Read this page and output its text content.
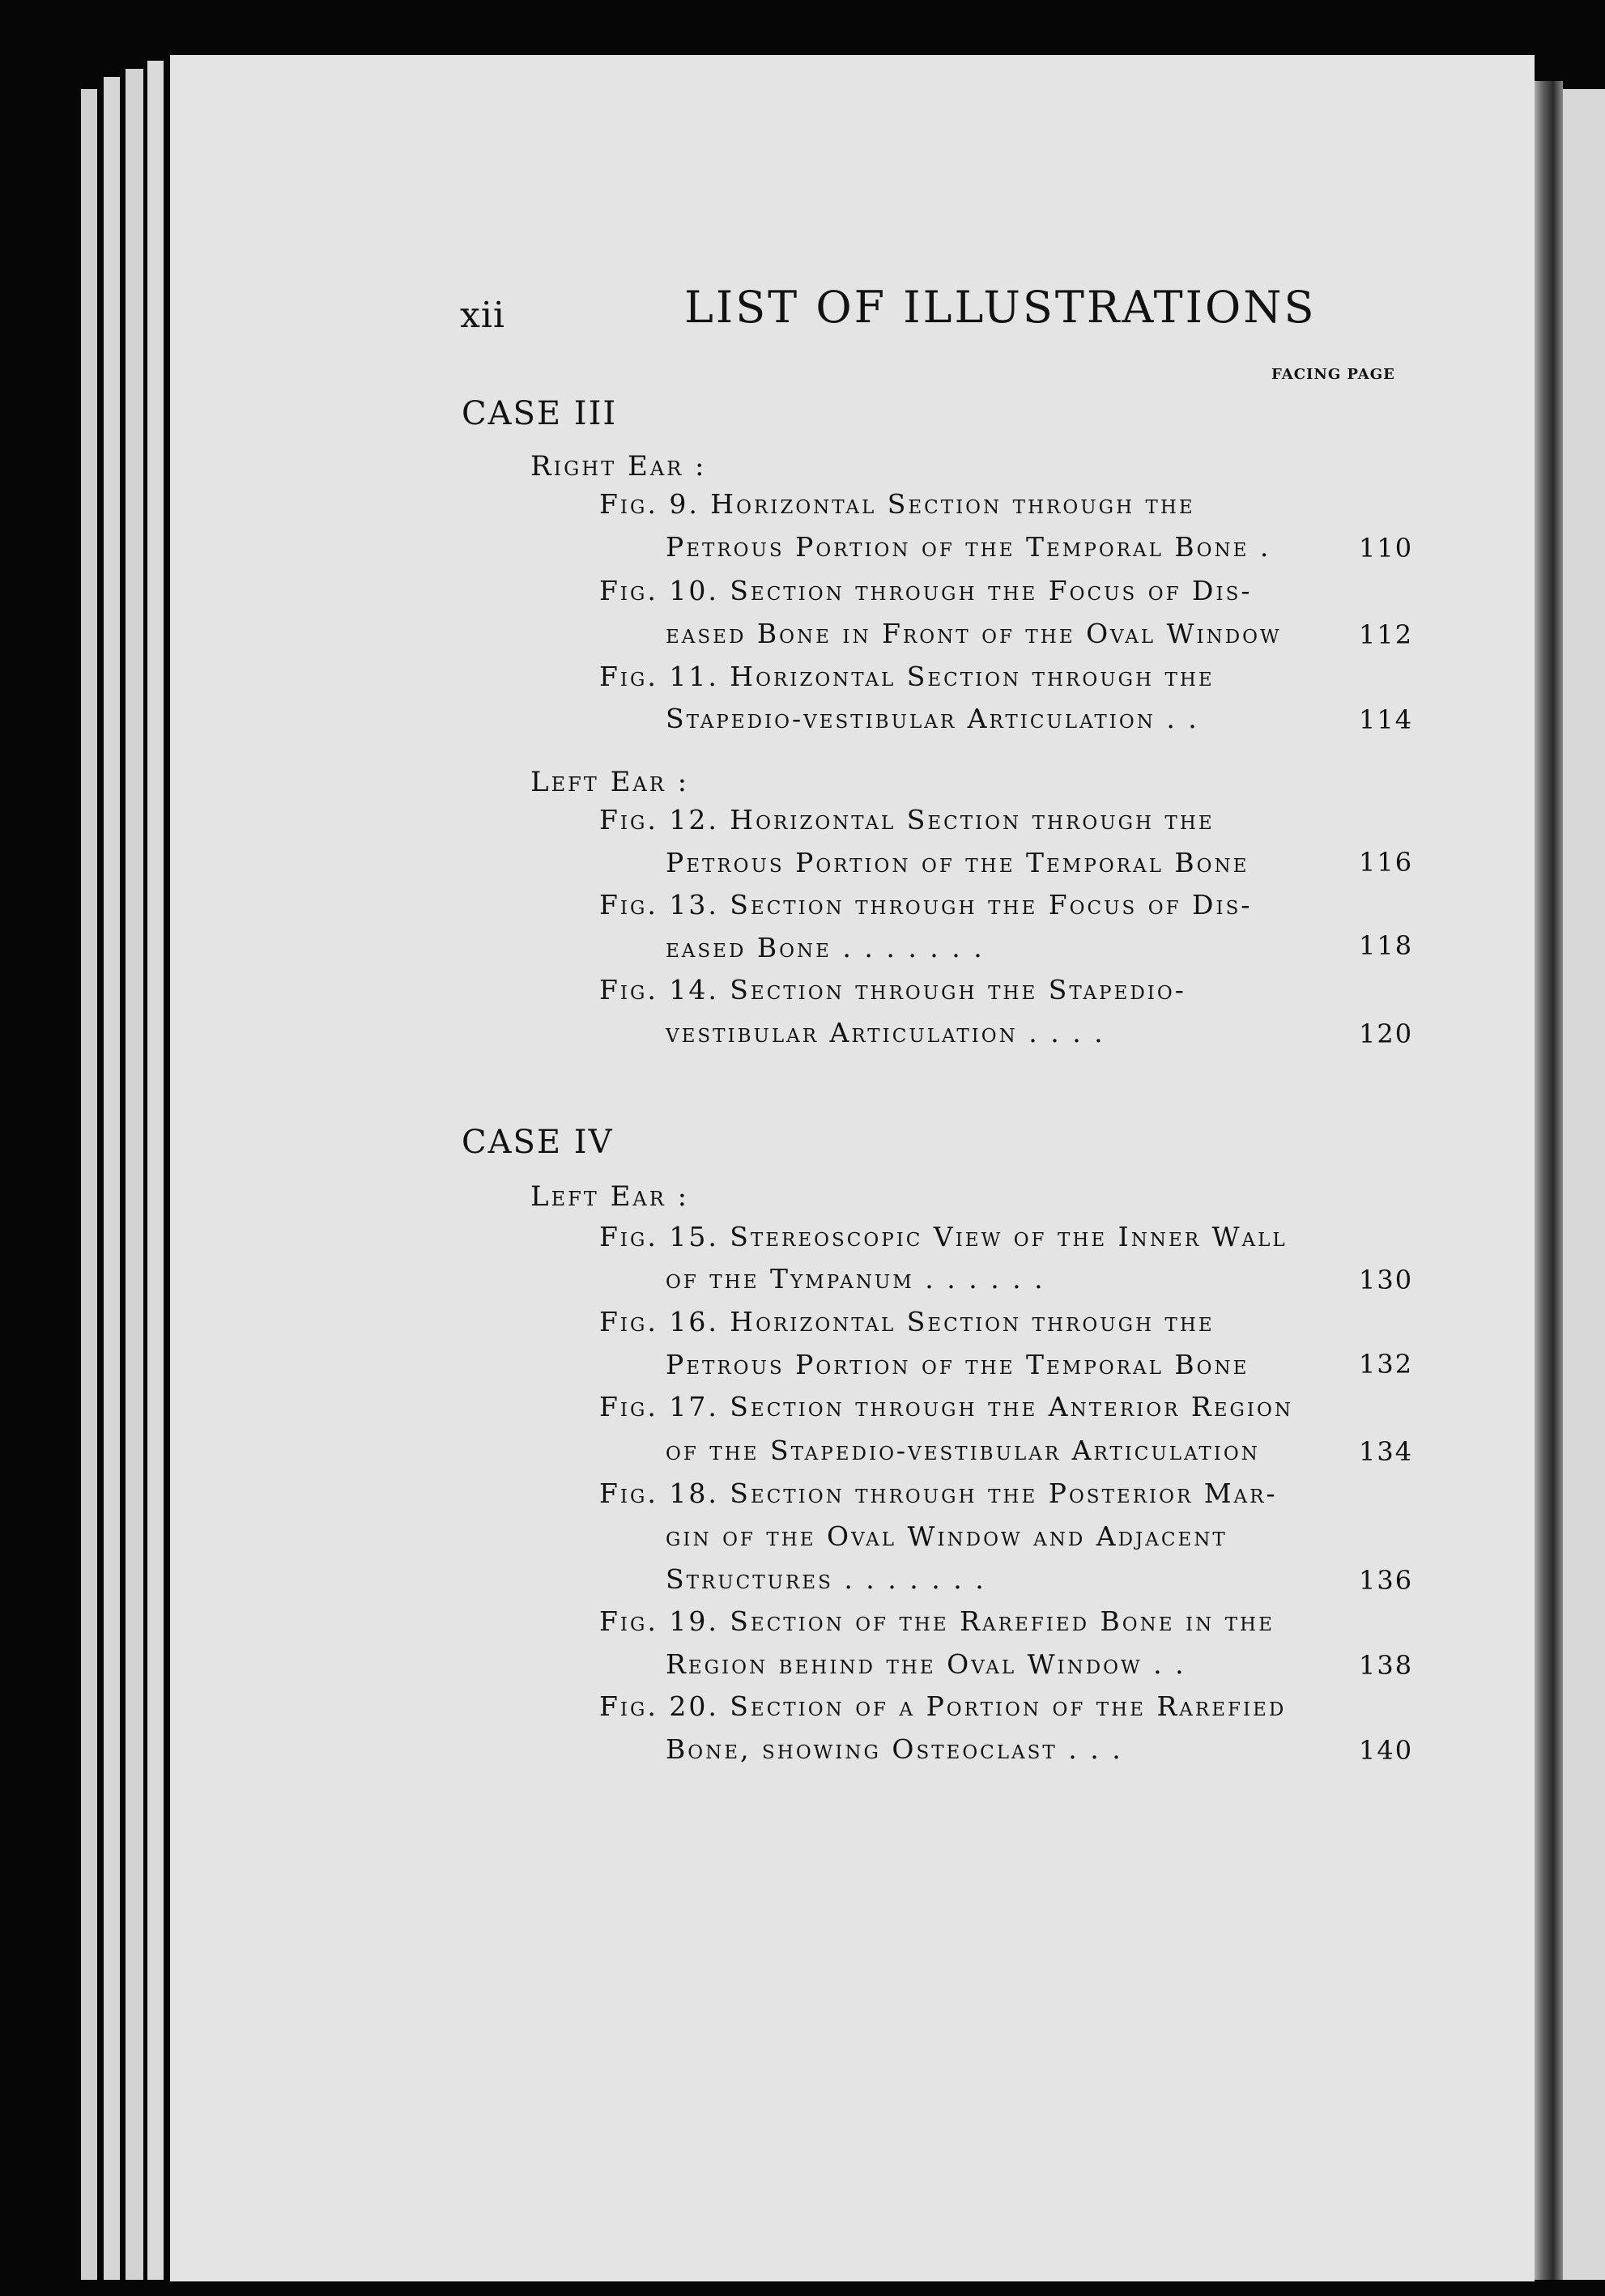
xii	LIST OF ILLUSTRATIONS
FACING PAGE
CASE III
Right Ear :
Fig. 9. Horizontal Section through the
Petrous Portion of the Temporal Bone .	110
Fig. 10. Section through the Focus of Dis-
eased Bone in Front of the Oval Window	112
Fig. 11. Horizontal Section through the
Stapedio-vestibular Articulation . .	114
Left Ear :
Fig. 12. Horizontal Section through the
Petrous Portion of the Temporal Bone	116
Fig. 13. Section through the Focus of Dis-
eased Bone . . . . . . .	118
Fig. 14. Section through the Stapedio-
vestibular Articulation . . . .	120
CASE IV
Left Ear :
Fig. 15. Stereoscopic View of the Inner Wall
of the Tympanum . . . . . .	130
Fig. 16. Horizontal Section through the
Petrous Portion of the Temporal Bone	132
Fig. 17. Section through the Anterior Region
of the Stapedio-vestibular Articulation	134
Fig. 18. Section through the Posterior Mar-
gin of the Oval Window and Adjacent
Structures . . . . . . .	136
Fig. 19. Section of the Rarefied Bone in the
Region behind the Oval Window . .	138
Fig. 20. Section of a Portion of the Rarefied
Bone, showing Osteoclast . . .	140
